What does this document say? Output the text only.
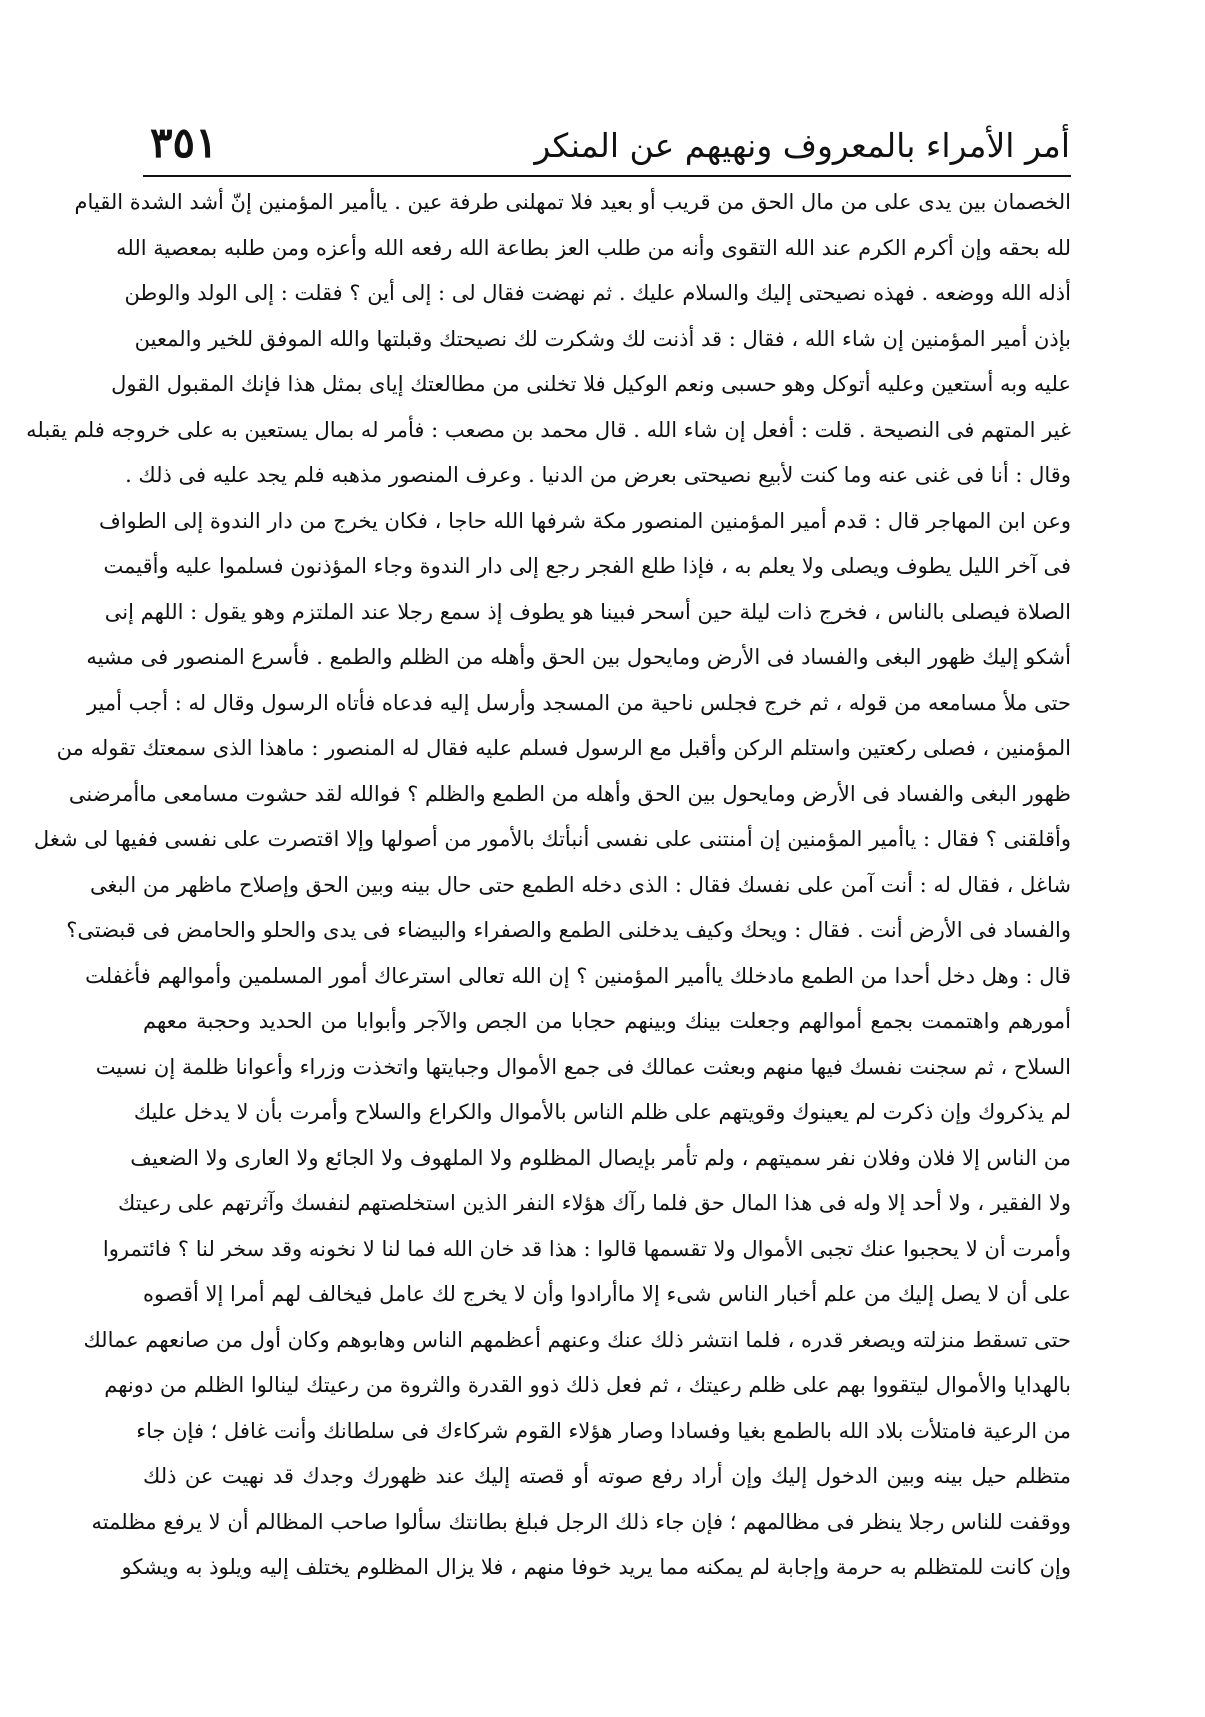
أمر الأمراء بالمعروف ونهيهم عن المنكر
٣٥١
الخصمان بين يدى على من مال الحق من قريب أو بعيد فلا تمهلنى طرفة عين . ياأمير المؤمنين إنّ أشد الشدة القيام
لله بحقه وإن أكرم الكرم عند الله التقوى وأنه من طلب العز بطاعة الله رفعه الله وأعزه ومن طلبه بمعصية الله
أذله الله ووضعه . فهذه نصيحتى إليك والسلام عليك . ثم نهضت فقال لى : إلى أين ؟ فقلت : إلى الولد والوطن
بإذن أمير المؤمنين إن شاء الله ، فقال : قد أذنت لك وشكرت لك نصيحتك وقبلتها والله الموفق للخير والمعين
عليه وبه أستعين وعليه أتوكل وهو حسبى ونعم الوكيل فلا تخلنى من مطالعتك إياى بمثل هذا فإنك المقبول القول
غير المتهم فى النصيحة . قلت : أفعل إن شاء الله . قال محمد بن مصعب : فأمر له بمال يستعين به على خروجه فلم يقبله
وقال : أنا فى غنى عنه وما كنت لأبيع نصيحتى بعرض من الدنيا . وعرف المنصور مذهبه فلم يجد عليه فى ذلك .
وعن ابن المهاجر قال : قدم أمير المؤمنين المنصور مكة شرفها الله حاجا ، فكان يخرج من دار الندوة إلى الطواف
فى آخر الليل يطوف ويصلى ولا يعلم به ، فإذا طلع الفجر رجع إلى دار الندوة وجاء المؤذنون فسلموا عليه وأقيمت
الصلاة فيصلى بالناس ، فخرج ذات ليلة حين أسحر فبينا هو يطوف إذ سمع رجلا عند الملتزم وهو يقول : اللهم إنى
أشكو إليك ظهور البغى والفساد فى الأرض ومايحول بين الحق وأهله من الظلم والطمع . فأسرع المنصور فى مشيه
حتى ملأ مسامعه من قوله ، ثم خرج فجلس ناحية من المسجد وأرسل إليه فدعاه فأتاه الرسول وقال له : أجب أمير
المؤمنين ، فصلى ركعتين واستلم الركن وأقبل مع الرسول فسلم عليه فقال له المنصور : ماهذا الذى سمعتك تقوله من
ظهور البغى والفساد فى الأرض ومايحول بين الحق وأهله من الطمع والظلم ؟ فوالله لقد حشوت مسامعى ماأمرضنى
وأقلقنى ؟ فقال : ياأمير المؤمنين إن أمنتنى على نفسى أنبأتك بالأمور من أصولها وإلا اقتصرت على نفسى ففيها لى شغل
شاغل ، فقال له : أنت آمن على نفسك فقال : الذى دخله الطمع حتى حال بينه وبين الحق وإصلاح ماظهر من البغى
والفساد فى الأرض أنت . فقال : ويحك وكيف يدخلنى الطمع والصفراء والبيضاء فى يدى والحلو والحامض فى قبضتى؟
قال : وهل دخل أحدا من الطمع مادخلك ياأمير المؤمنين ؟ إن الله تعالى استرعاك أمور المسلمين وأموالهم فأغفلت
أمورهم واهتممت بجمع أموالهم وجعلت بينك وبينهم حجابا من الجص والآجر وأبوابا من الحديد وحجبة معهم
السلاح ، ثم سجنت نفسك فيها منهم وبعثت عمالك فى جمع الأموال وجبايتها واتخذت وزراء وأعوانا ظلمة إن نسيت
لم يذكروك وإن ذكرت لم يعينوك وقويتهم على ظلم الناس بالأموال والكراع والسلاح وأمرت بأن لا يدخل عليك
من الناس إلا فلان وفلان نفر سميتهم ، ولم تأمر بإيصال المظلوم ولا الملهوف ولا الجائع ولا العارى ولا الضعيف
ولا الفقير ، ولا أحد إلا وله فى هذا المال حق فلما رآك هؤلاء النفر الذين استخلصتهم لنفسك وآثرتهم على رعيتك
وأمرت أن لا يحجبوا عنك تجبى الأموال ولا تقسمها قالوا : هذا قد خان الله فما لنا لا نخونه وقد سخر لنا ؟ فائتمروا
على أن لا يصل إليك من علم أخبار الناس شىء إلا ماأرادوا وأن لا يخرج لك عامل فيخالف لهم أمرا إلا أقصوه
حتى تسقط منزلته ويصغر قدره ، فلما انتشر ذلك عنك وعنهم أعظمهم الناس وهابوهم وكان أول من صانعهم عمالك
بالهدايا والأموال ليتقووا بهم على ظلم رعيتك ، ثم فعل ذلك ذوو القدرة والثروة من رعيتك لينالوا الظلم من دونهم
من الرعية فامتلأت بلاد الله بالطمع بغيا وفسادا وصار هؤلاء القوم شركاءك فى سلطانك وأنت غافل ؛ فإن جاء
متظلم حيل بينه وبين الدخول إليك وإن أراد رفع صوته أو قصته إليك عند ظهورك وجدك قد نهيت عن ذلك
ووقفت للناس رجلا ينظر فى مظالمهم ؛ فإن جاء ذلك الرجل فبلغ بطانتك سألوا صاحب المظالم أن لا يرفع مظلمته
وإن كانت للمتظلم به حرمة وإجابة لم يمكنه مما يريد خوفا منهم ، فلا يزال المظلوم يختلف إليه ويلوذ به ويشكو
